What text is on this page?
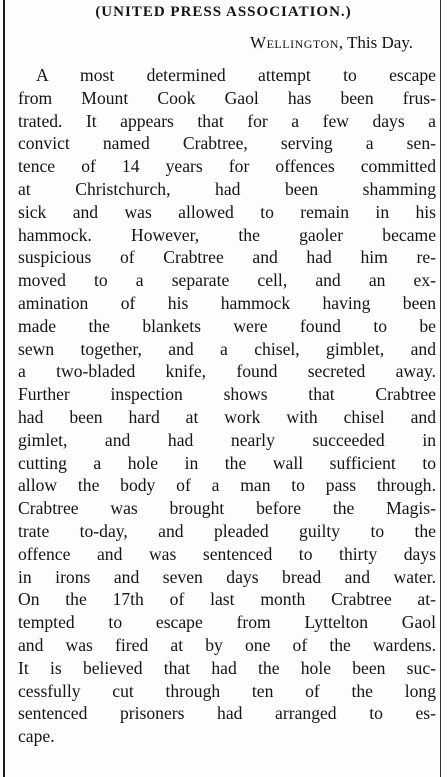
(UNITED PRESS ASSOCIATION.)
Wellington, This Day.
A most determined attempt to escape
from Mount Cook Gaol has been frus-
trated. It appears that for a few days a
convict named Crabtree, serving a sen-
tence of 14 years for offences committed
at Christchurch, had been shamming
sick and was allowed to remain in his
hammock. However, the gaoler became
suspicious of Crabtree and had him re-
moved to a separate cell, and an ex-
amination of his hammock having been
made the blankets were found to be
sewn together, and a chisel, gimblet, and
a two-bladed knife, found secreted away.
Further inspection shows that Crabtree
had been hard at work with chisel and
gimlet, and had nearly succeeded in
cutting a hole in the wall sufficient to
allow the body of a man to pass through.
Crabtree was brought before the Magis-
trate to-day, and pleaded guilty to the
offence and was sentenced to thirty days
in irons and seven days bread and water.
On the 17th of last month Crabtree at-
tempted to escape from Lyttelton Gaol
and was fired at by one of the wardens.
It is believed that had the hole been suc-
cessfully cut through ten of the long
sentenced prisoners had arranged to es-
cape.
